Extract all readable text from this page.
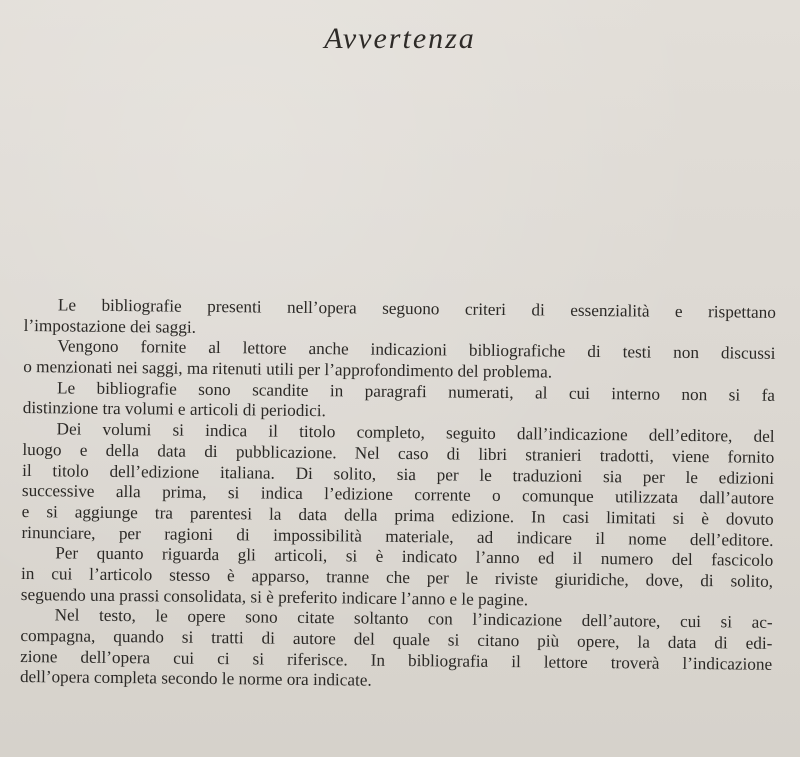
Avvertenza
Le bibliografie presenti nell’opera seguono criteri di essenzialità e rispettano
l’impostazione dei saggi.
Vengono fornite al lettore anche indicazioni bibliografiche di testi non discussi
o menzionati nei saggi, ma ritenuti utili per l’approfondimento del problema.
Le bibliografie sono scandite in paragrafi numerati, al cui interno non si fa
distinzione tra volumi e articoli di periodici.
Dei volumi si indica il titolo completo, seguito dall’indicazione dell’editore, del
luogo e della data di pubblicazione. Nel caso di libri stranieri tradotti, viene fornito
il titolo dell’edizione italiana. Di solito, sia per le traduzioni sia per le edizioni
successive alla prima, si indica l’edizione corrente o comunque utilizzata dall’autore
e si aggiunge tra parentesi la data della prima edizione. In casi limitati si è dovuto
rinunciare, per ragioni di impossibilità materiale, ad indicare il nome dell’editore.
Per quanto riguarda gli articoli, si è indicato l’anno ed il numero del fascicolo
in cui l’articolo stesso è apparso, tranne che per le riviste giuridiche, dove, di solito,
seguendo una prassi consolidata, si è preferito indicare l’anno e le pagine.
Nel testo, le opere sono citate soltanto con l’indicazione dell’autore, cui si ac-
compagna, quando si tratti di autore del quale si citano più opere, la data di edi-
zione dell’opera cui ci si riferisce. In bibliografia il lettore troverà l’indicazione
dell’opera completa secondo le norme ora indicate.
